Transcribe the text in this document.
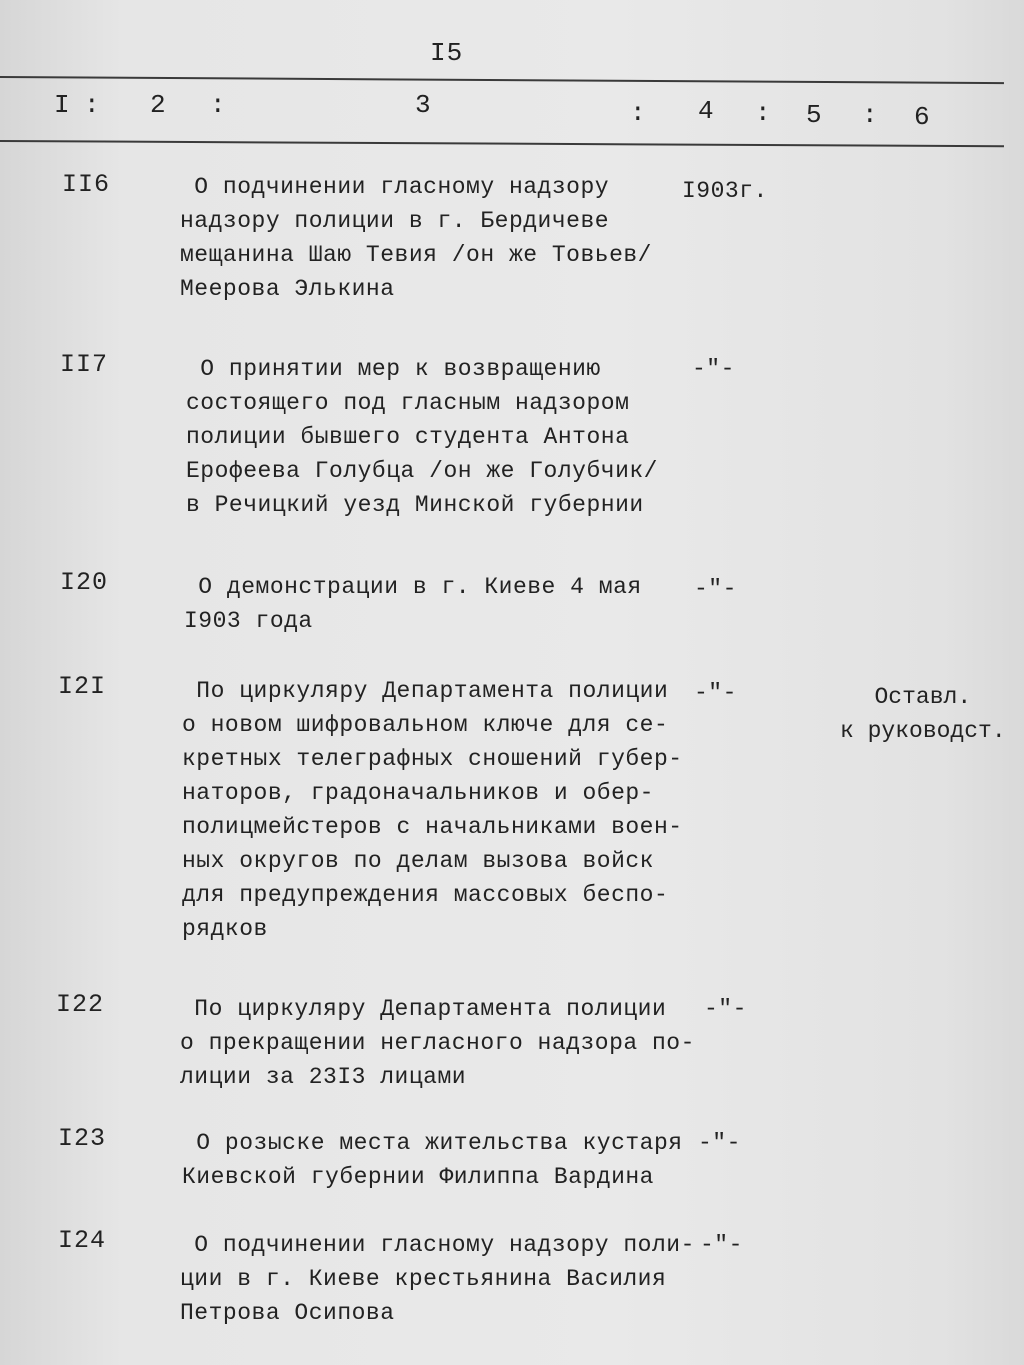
I5
I : 2 :	3	: 4 : 5 : 6
II6	О подчинении гласному надзору
надзору полиции в г. Бердичеве
мещанина Шаю Тевия /он же Товьев/
Меерова Элькина
I903г.
II7	О принятии мер к возвращению
состоящего под гласным надзором
полиции бывшего студента Антона
Ерофеева Голубца /он же Голубчик/
в Речицкий уезд Минской губернии
-"-
I20	О демонстрации в г. Киеве 4 мая
I903 года
-"-
I2I	По циркуляру Департамента полиции
о новом шифровальном ключе для се-
кретных телеграфных сношений губер-
наторов, градоначальников и обер-
полицмейстеров с начальниками воен-
ных округов по делам вызова войск
для предупреждения массовых беспо-
рядков
-"-	Оставл.
к руководст.
I22	По циркуляру Департамента полиции
о прекращении негласного надзора по-
лиции за 23I3 лицами
-"-
I23	О розыске места жительства кустаря
Киевской губернии Филиппа Вардина
-"-
I24	О подчинении гласному надзору поли-
ции в г. Киеве крестьянина Василия
Петрова Осипова
-"-
